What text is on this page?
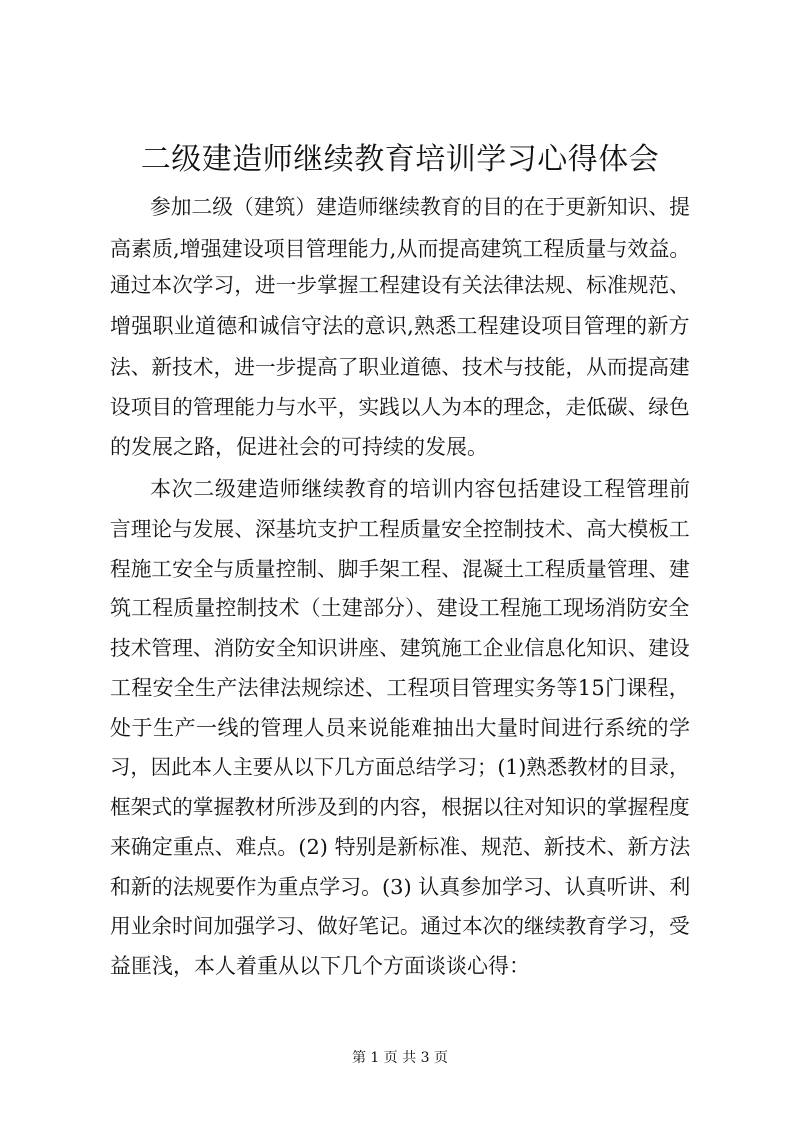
二级建造师继续教育培训学习心得体会
参加二级（建筑）建造师继续教育的目的在于更新知识、提
高素质,增强建设项目管理能力,从而提高建筑工程质量与效益。
通过本次学习，进一步掌握工程建设有关法律法规、标准规范、
增强职业道德和诚信守法的意识,熟悉工程建设项目管理的新方
法、新技术，进一步提高了职业道德、技术与技能，从而提高建
设项目的管理能力与水平，实践以人为本的理念，走低碳、绿色
的发展之路，促进社会的可持续的发展。
本次二级建造师继续教育的培训内容包括建设工程管理前
言理论与发展、深基坑支护工程质量安全控制技术、高大模板工
程施工安全与质量控制、脚手架工程、混凝土工程质量管理、建
筑工程质量控制技术（土建部分）、建设工程施工现场消防安全
技术管理、消防安全知识讲座、建筑施工企业信息化知识、建设
工程安全生产法律法规综述、工程项目管理实务等15门课程，
处于生产一线的管理人员来说能难抽出大量时间进行系统的学
习，因此本人主要从以下几方面总结学习；(1)熟悉教材的目录，
框架式的掌握教材所涉及到的内容，根据以往对知识的掌握程度
来确定重点、难点。(2) 特别是新标准、规范、新技术、新方法
和新的法规要作为重点学习。(3) 认真参加学习、认真听讲、利
用业余时间加强学习、做好笔记。通过本次的继续教育学习，受
益匪浅，本人着重从以下几个方面谈谈心得：
第 1 页 共 3 页
